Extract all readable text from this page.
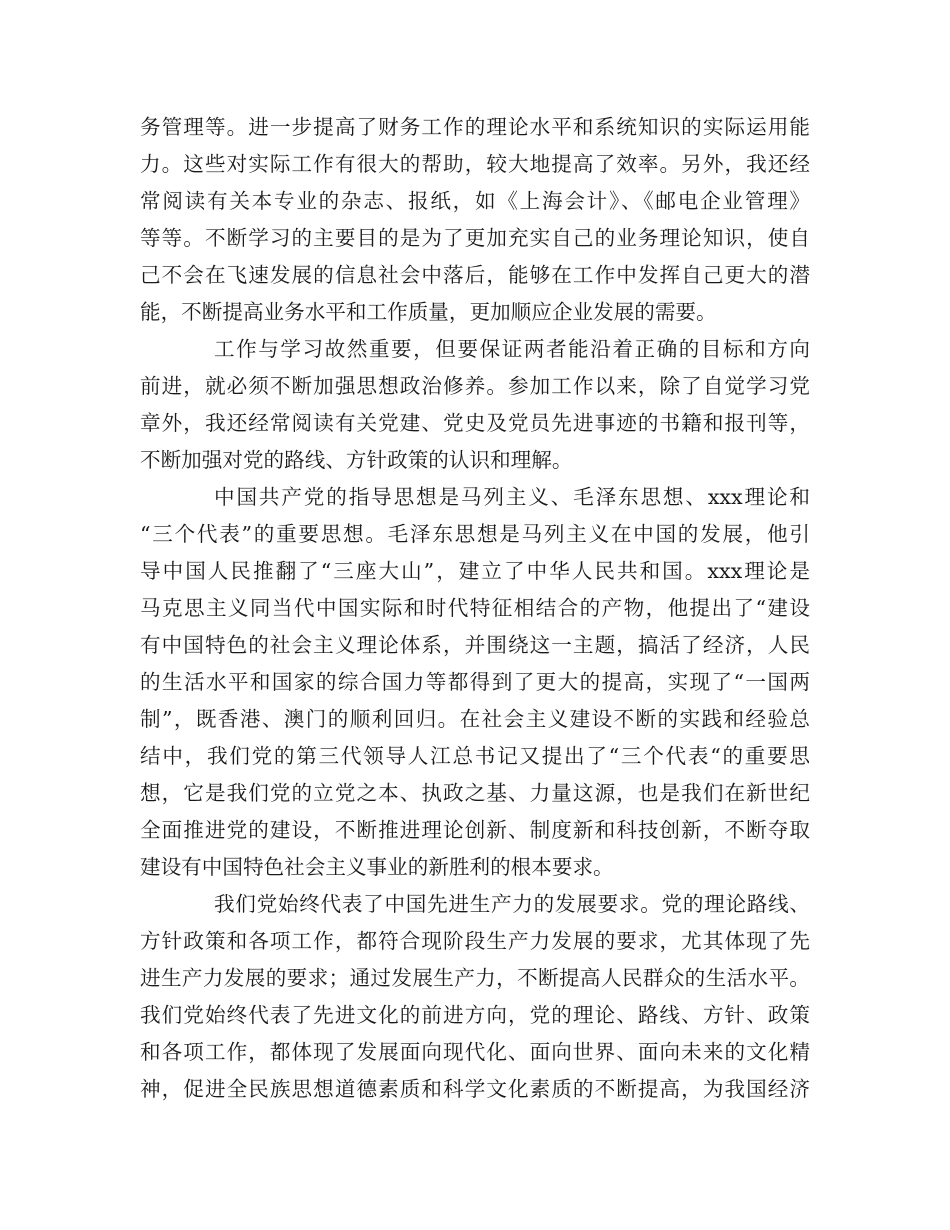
务管理等。进一步提高了财务工作的理论水平和系统知识的实际运用能

力。这些对实际工作有很大的帮助，较大地提高了效率。另外，我还经

常阅读有关本专业的杂志、报纸，如《上海会计》、《邮电企业管理》

等等。不断学习的主要目的是为了更加充实自己的业务理论知识，使自

己不会在飞速发展的信息社会中落后，能够在工作中发挥自己更大的潜

能，不断提高业务水平和工作质量，更加顺应企业发展的需要。

工作与学习故然重要，但要保证两者能沿着正确的目标和方向

前进，就必须不断加强思想政治修养。参加工作以来，除了自觉学习党

章外，我还经常阅读有关党建、党史及党员先进事迹的书籍和报刊等，

不断加强对党的路线、方针政策的认识和理解。

中国共产党的指导思想是马列主义、毛泽东思想、xxx理论和

“三个代表”的重要思想。毛泽东思想是马列主义在中国的发展，他引

导中国人民推翻了“三座大山”，建立了中华人民共和国。xxx理论是

马克思主义同当代中国实际和时代特征相结合的产物，他提出了“建设

有中国特色的社会主义理论体系，并围绕这一主题，搞活了经济，人民

的生活水平和国家的综合国力等都得到了更大的提高，实现了“一国两

制”，既香港、澳门的顺利回归。在社会主义建设不断的实践和经验总

结中，我们党的第三代领导人江总书记又提出了“三个代表“的重要思

想，它是我们党的立党之本、执政之基、力量这源，也是我们在新世纪

全面推进党的建设，不断推进理论创新、制度新和科技创新，不断夺取

建设有中国特色社会主义事业的新胜利的根本要求。

我们党始终代表了中国先进生产力的发展要求。党的理论路线、

方针政策和各项工作，都符合现阶段生产力发展的要求，尤其体现了先

进生产力发展的要求；通过发展生产力，不断提高人民群众的生活水平。

我们党始终代表了先进文化的前进方向，党的理论、路线、方针、政策

和各项工作，都体现了发展面向现代化、面向世界、面向未来的文化精

神，促进全民族思想道德素质和科学文化素质的不断提高，为我国经济
